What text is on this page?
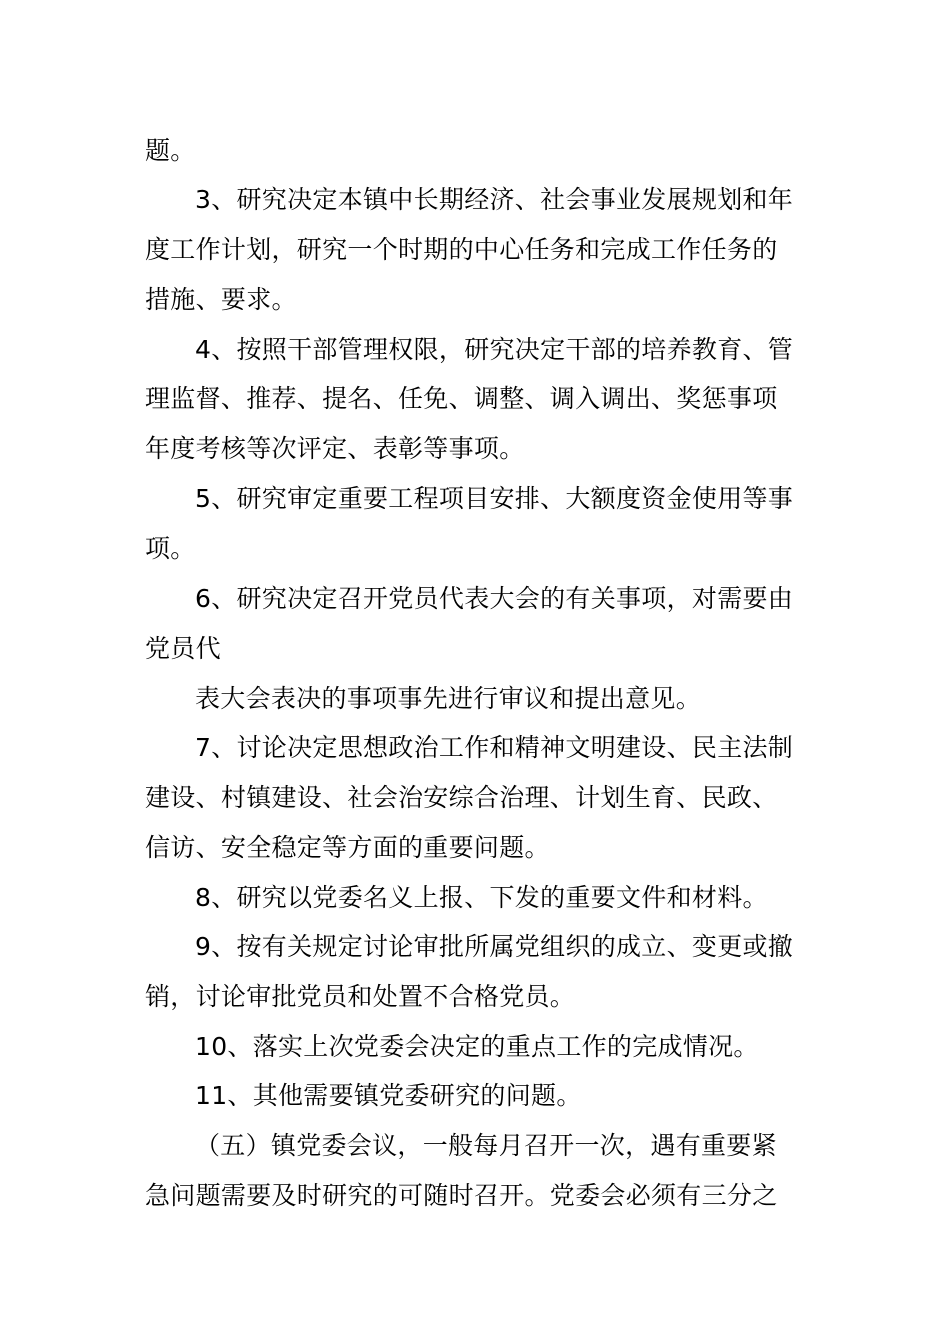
题。
3、研究决定本镇中长期经济、社会事业发展规划和年
度工作计划，研究一个时期的中心任务和完成工作任务的
措施、要求。
4、按照干部管理权限，研究决定干部的培养教育、管
理监督、推荐、提名、任免、调整、调入调出、奖惩事项
年度考核等次评定、表彰等事项。
5、研究审定重要工程项目安排、大额度资金使用等事
项。
6、研究决定召开党员代表大会的有关事项，对需要由
党员代
表大会表决的事项事先进行审议和提出意见。
7、讨论决定思想政治工作和精神文明建设、民主法制
建设、村镇建设、社会治安综合治理、计划生育、民政、
信访、安全稳定等方面的重要问题。
8、研究以党委名义上报、下发的重要文件和材料。
9、按有关规定讨论审批所属党组织的成立、变更或撤
销，讨论审批党员和处置不合格党员。
10、落实上次党委会决定的重点工作的完成情况。
11、其他需要镇党委研究的问题。
（五）镇党委会议，一般每月召开一次，遇有重要紧
急问题需要及时研究的可随时召开。党委会必须有三分之
